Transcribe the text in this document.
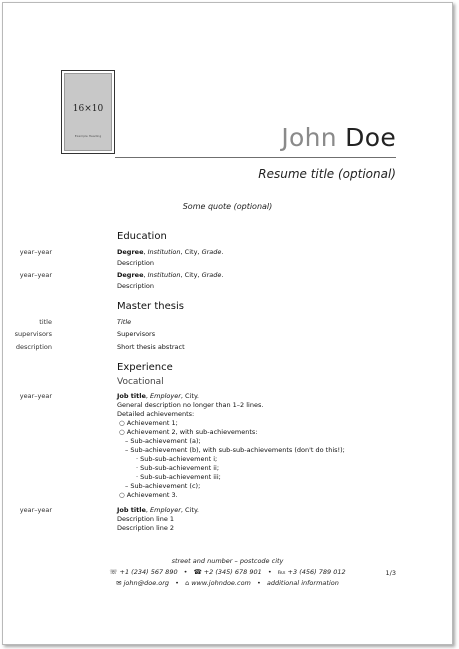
16×10
Example Heading	John Doe
Resume title (optional)
Some quote (optional)
Education
year–year	Degree, Institution, City, Grade.
Description
year–year	Degree, Institution, City, Grade.
Description
Master thesis
title	Title
supervisors	Supervisors
description	Short thesis abstract
Experience
Vocational
year–year	Job title, Employer, City.
General description no longer than 1–2 lines.
Detailed achievements:
○ Achievement 1;
○ Achievement 2, with sub-achievements:
– Sub-achievement (a);
– Sub-achievement (b), with sub-sub-achievements (don't do this!);
· Sub-sub-achievement i;
· Sub-sub-achievement ii;
· Sub-sub-achievement iii;
– Sub-achievement (c);
○ Achievement 3.
year–year	Job title, Employer, City.
Description line 1
Description line 2
street and number – postcode city
☏ +1 (234) 567 890 • ☎ +2 (345) 678 901 • ℻ +3 (456) 789 012	1/3
✉ john@doe.org • ⌂ www.johndoe.com • additional information
